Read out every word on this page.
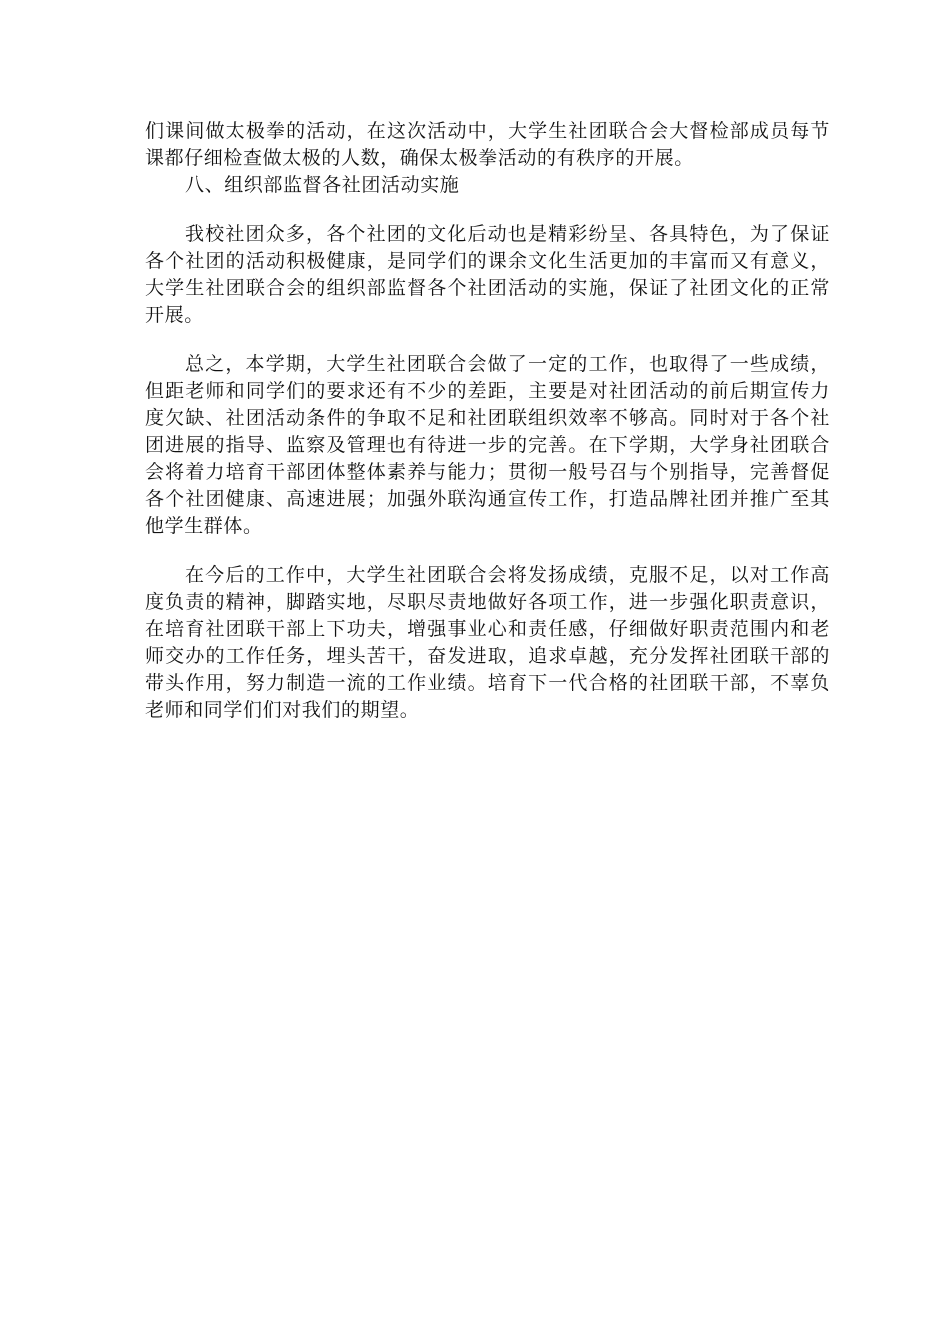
们课间做太极拳的活动，在这次活动中，大学生社团联合会大督检部成员每节课都仔细检查做太极的人数，确保太极拳活动的有秩序的开展。

八、组织部监督各社团活动实施

我校社团众多，各个社团的文化后动也是精彩纷呈、各具特色，为了保证各个社团的活动积极健康，是同学们的课余文化生活更加的丰富而又有意义，大学生社团联合会的组织部监督各个社团活动的实施，保证了社团文化的正常开展。

总之，本学期，大学生社团联合会做了一定的工作，也取得了一些成绩，但距老师和同学们的要求还有不少的差距，主要是对社团活动的前后期宣传力度欠缺、社团活动条件的争取不足和社团联组织效率不够高。同时对于各个社团进展的指导、监察及管理也有待进一步的完善。在下学期，大学身社团联合会将着力培育干部团体整体素养与能力；贯彻一般号召与个别指导，完善督促各个社团健康、高速进展；加强外联沟通宣传工作，打造品牌社团并推广至其他学生群体。

在今后的工作中，大学生社团联合会将发扬成绩，克服不足，以对工作高度负责的精神，脚踏实地，尽职尽责地做好各项工作，进一步强化职责意识，在培育社团联干部上下功夫，增强事业心和责任感，仔细做好职责范围内和老师交办的工作任务，埋头苦干，奋发进取，追求卓越，充分发挥社团联干部的带头作用，努力制造一流的工作业绩。培育下一代合格的社团联干部，不辜负老师和同学们们对我们的期望。
